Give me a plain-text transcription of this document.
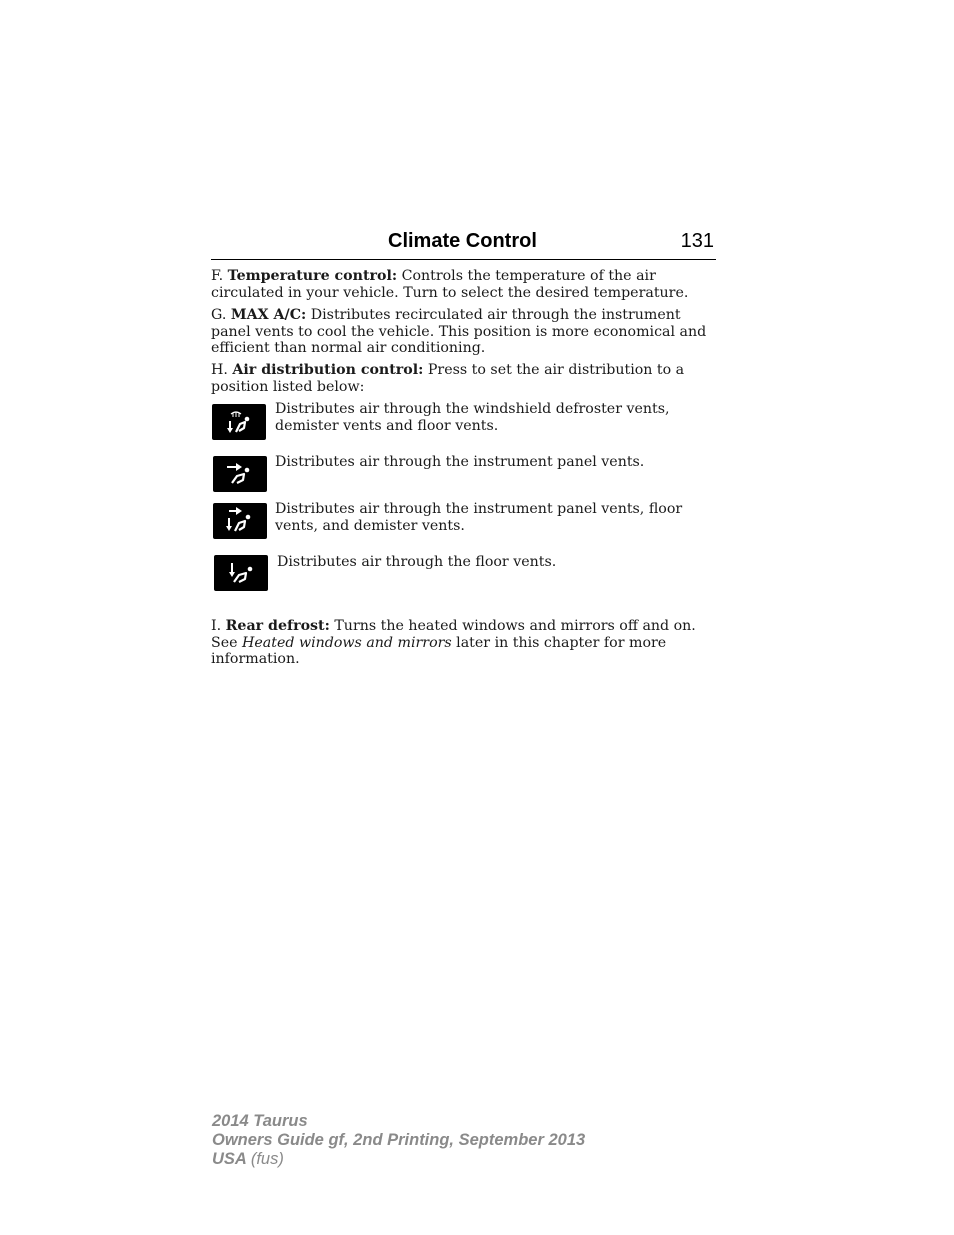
Climate Control	131

F. Temperature control: Controls the temperature of the air circulated in your vehicle. Turn to select the desired temperature.

G. MAX A/C: Distributes recirculated air through the instrument panel vents to cool the vehicle. This position is more economical and efficient than normal air conditioning.

H. Air distribution control: Press to set the air distribution to a position listed below:

Distributes air through the windshield defroster vents, demister vents and floor vents.

Distributes air through the instrument panel vents.

Distributes air through the instrument panel vents, floor vents, and demister vents.

Distributes air through the floor vents.

I. Rear defrost: Turns the heated windows and mirrors off and on. See Heated windows and mirrors later in this chapter for more information.

2014 Taurus
Owners Guide gf, 2nd Printing, September 2013
USA (fus)
